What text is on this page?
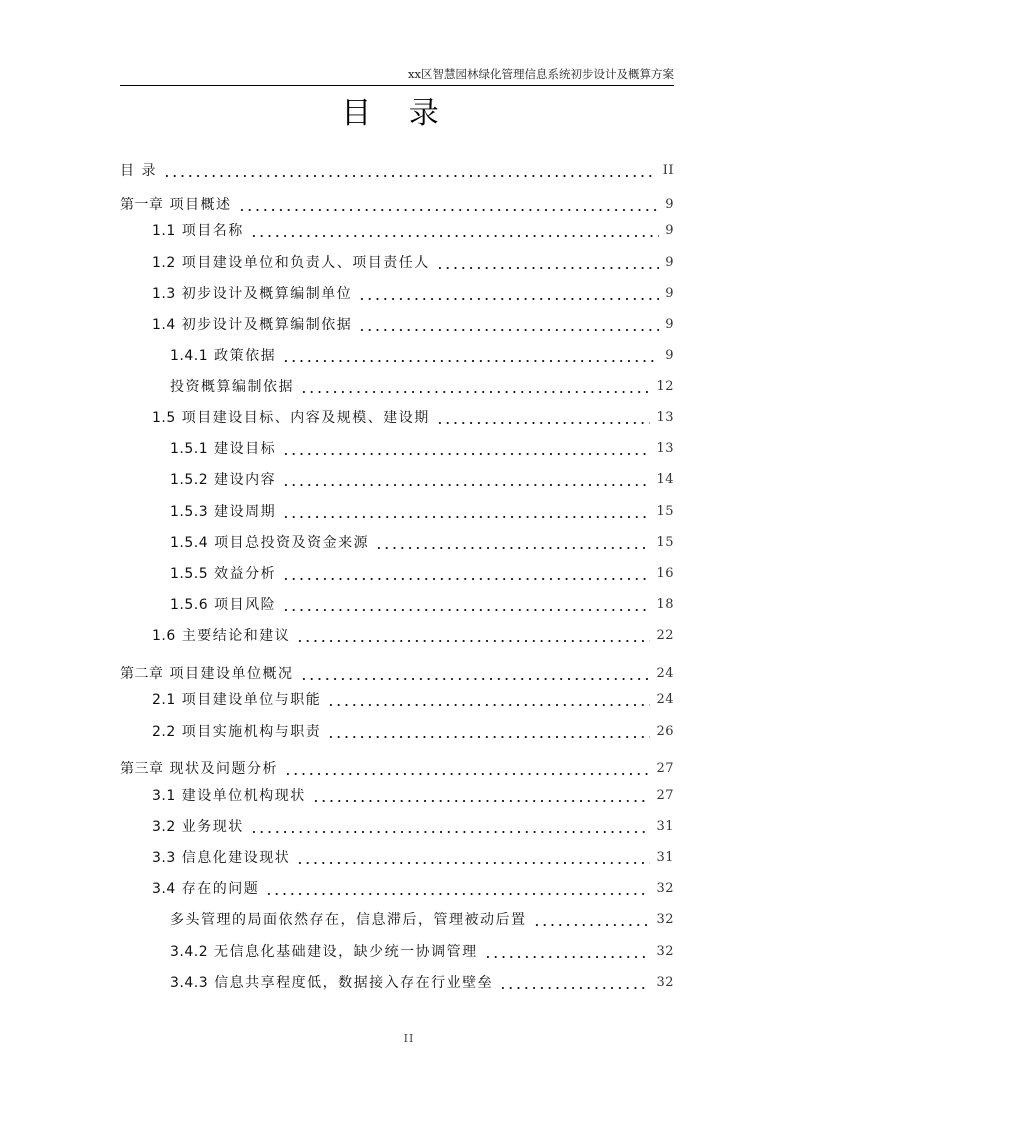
xx区智慧园林绿化管理信息系统初步设计及概算方案
目 录
目 录	II
第一章 项目概述	9
1.1 项目名称	9
1.2 项目建设单位和负责人、项目责任人	9
1.3 初步设计及概算编制单位	9
1.4 初步设计及概算编制依据	9
1.4.1 政策依据	9
投资概算编制依据	12
1.5 项目建设目标、内容及规模、建设期	13
1.5.1 建设目标	13
1.5.2 建设内容	14
1.5.3 建设周期	15
1.5.4 项目总投资及资金来源	15
1.5.5 效益分析	16
1.5.6 项目风险	18
1.6 主要结论和建议	22
第二章 项目建设单位概况	24
2.1 项目建设单位与职能	24
2.2 项目实施机构与职责	26
第三章 现状及问题分析	27
3.1 建设单位机构现状	27
3.2 业务现状	31
3.3 信息化建设现状	31
3.4 存在的问题	32
多头管理的局面依然存在，信息滞后，管理被动后置	32
3.4.2 无信息化基础建设，缺少统一协调管理	32
3.4.3 信息共享程度低，数据接入存在行业壁垒	32
II
